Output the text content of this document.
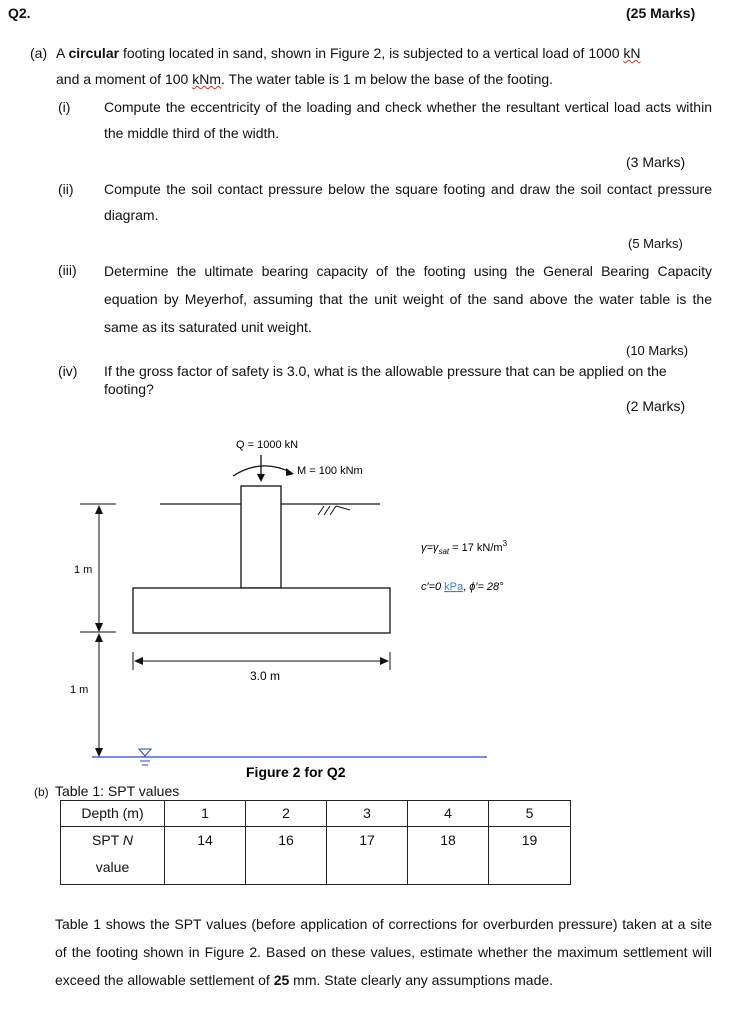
Q2.	(25 Marks)
(a) A circular footing located in sand, shown in Figure 2, is subjected to a vertical load of 1000 kN
and a moment of 100 kNm. The water table is 1 m below the base of the footing.
(i) Compute the eccentricity of the loading and check whether the resultant vertical load acts within the middle third of the width.
(3 Marks)
(ii) Compute the soil contact pressure below the square footing and draw the soil contact pressure diagram.
(5 Marks)
(iii) Determine the ultimate bearing capacity of the footing using the General Bearing Capacity equation by Meyerhof, assuming that the unit weight of the sand above the water table is the same as its saturated unit weight.
(10 Marks)
(iv) If the gross factor of safety is 3.0, what is the allowable pressure that can be applied on the footing?
(2 Marks)
Q = 1000 kN
M = 100 kNm
1 m
1 m
3.0 m
$\gamma=\gamma_{sat} = 17$ $kN/m^3$
c′=0 kPa, ϕ′= 28°
Figure 2 for Q2
(b) Table 1: SPT values
Depth (m)	1	2	3	4	5
SPT N
value	14	16	17	18	19
Table 1 shows the SPT values (before application of corrections for overburden pressure) taken at a site of the footing shown in Figure 2. Based on these values, estimate whether the maximum settlement will exceed the allowable settlement of 25 mm. State clearly any assumptions made.
